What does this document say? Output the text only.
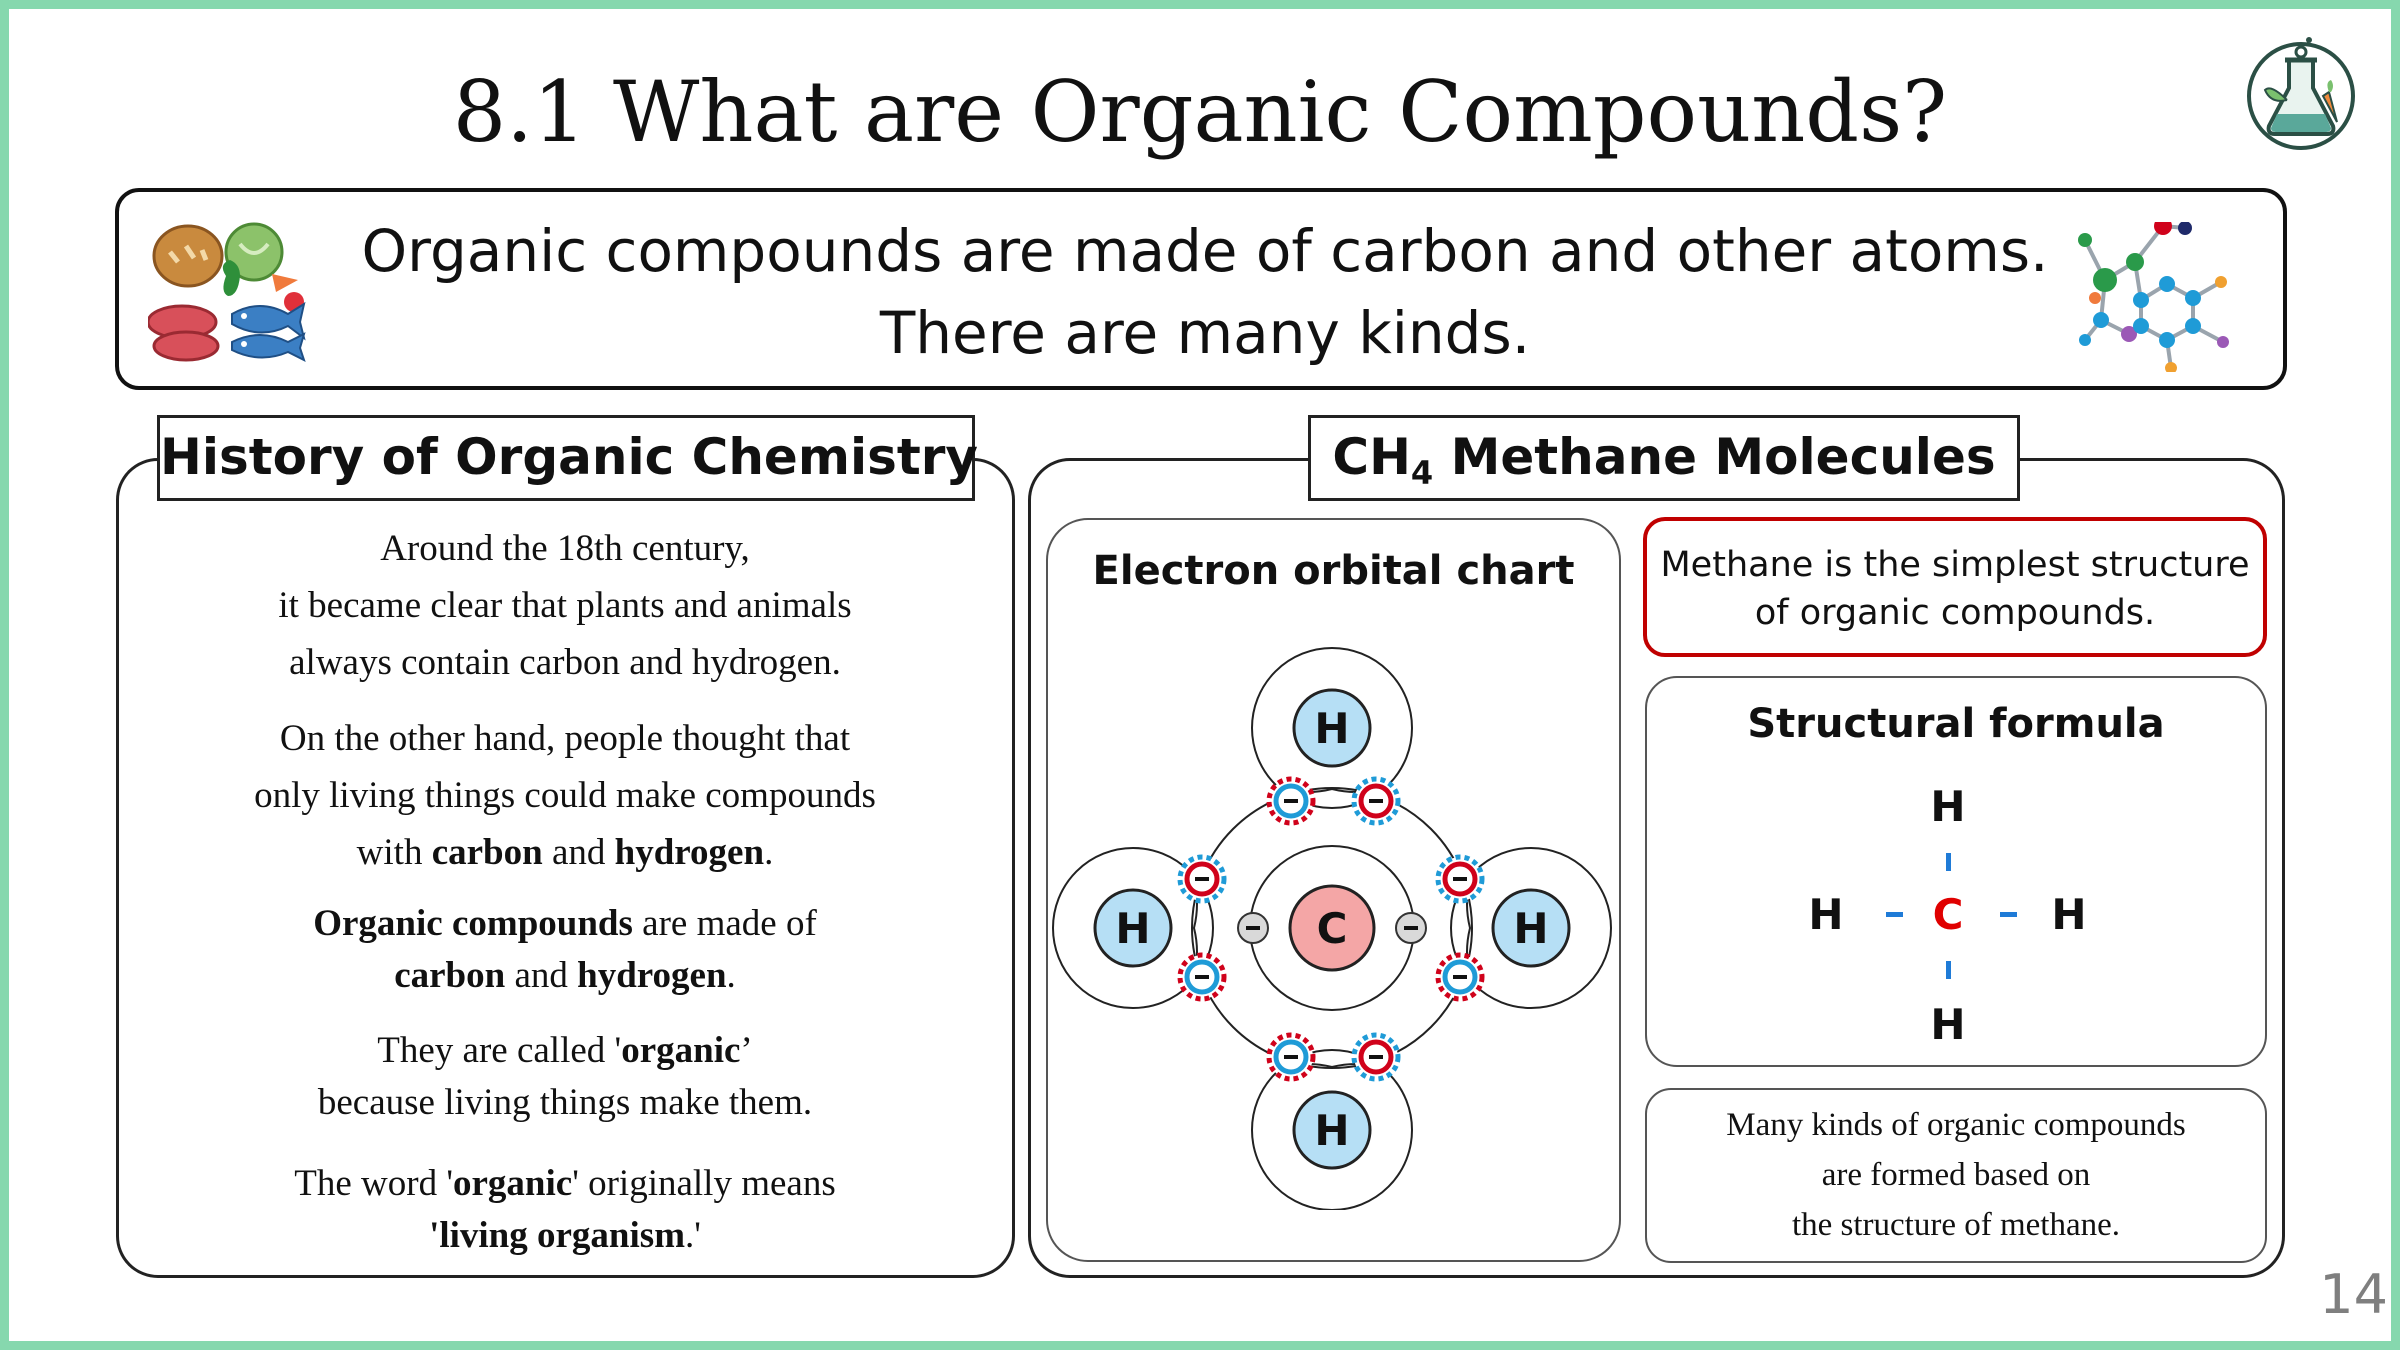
8.1 What are Organic Compounds?
Organic compounds are made of carbon and other atoms.
There are many kinds.
History of Organic Chemistry

Around the 18th century,

it became clear that plants and animals

always contain carbon and hydrogen.

On the other hand, people thought that

only living things could make compounds

with carbon and hydrogen.

Organic compounds are made of

carbon and hydrogen.

They are called 'organic’

because living things make them.

The word 'organic' originally means

'living organism.'

$CH_4$ Methane Molecules
Electron orbital chart
C
H
H
H	H
Methane is the simplest structure
of organic compounds.
Structural formula
H
C
H	H
H
Many kinds of organic compounds
are formed based on
the structure of methane.
14
